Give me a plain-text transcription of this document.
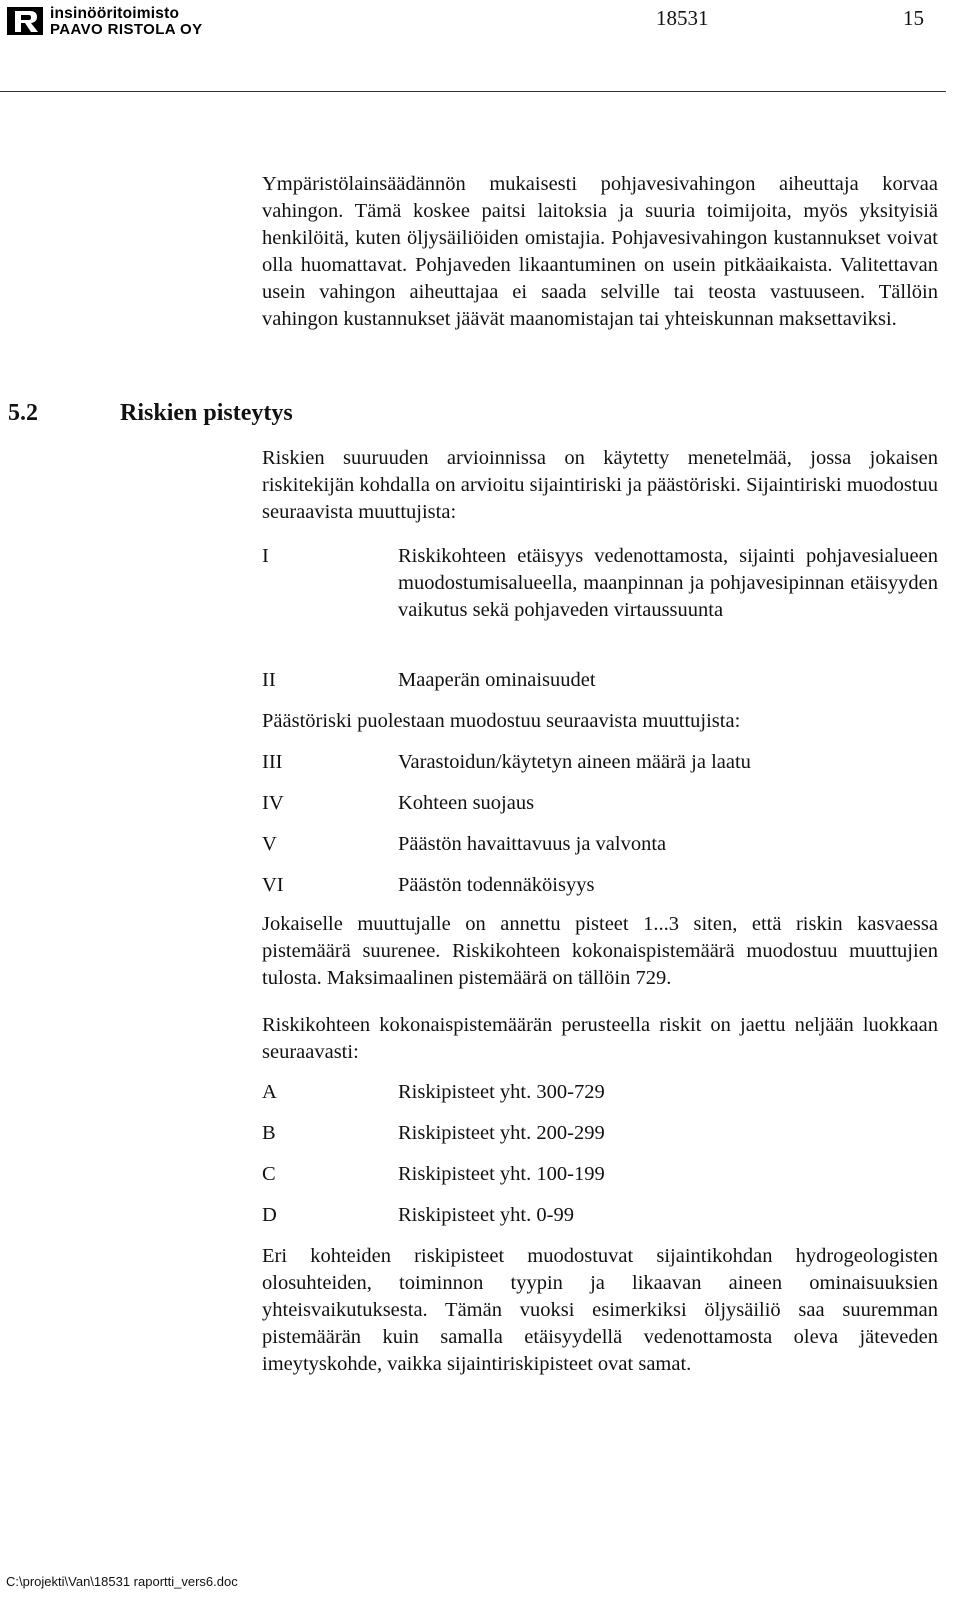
insinööritoimisto
PAAVO RISTOLA OY	18531	15

Ympäristölainsäädännön mukaisesti pohjavesivahingon aiheuttaja korvaa vahingon. Tämä koskee paitsi laitoksia ja suuria toimijoita, myös yksityisiä henkilöitä, kuten öljysäiliöiden omistajia. Pohjavesivahingon kustannukset voivat olla huomattavat. Pohjaveden likaantuminen on usein pitkäaikaista. Valitettavan usein vahingon aiheuttajaa ei saada selville tai teosta vastuuseen. Tällöin vahingon kustannukset jäävät maanomistajan tai yhteiskunnan maksettaviksi.

5.2	Riskien pisteytys

Riskien suuruuden arvioinnissa on käytetty menetelmää, jossa jokaisen riskitekijän kohdalla on arvioitu sijaintiriski ja päästöriski. Sijaintiriski muodostuu seuraavista muuttujista:

I	Riskikohteen etäisyys vedenottamosta, sijainti pohjavesialueen muodostumisalueella, maanpinnan ja pohjavesipinnan etäisyyden vaikutus sekä pohjaveden virtaussuunta
II	Maaperän ominaisuudet

Päästöriski puolestaan muodostuu seuraavista muuttujista:

III	Varastoidun/käytetyn aineen määrä ja laatu
IV	Kohteen suojaus
V	Päästön havaittavuus ja valvonta
VI	Päästön todennäköisyys

Jokaiselle muuttujalle on annettu pisteet 1...3 siten, että riskin kasvaessa pistemäärä suurenee. Riskikohteen kokonaispistemäärä muodostuu muuttujien tulosta. Maksimaalinen pistemäärä on tällöin 729.

Riskikohteen kokonaispistemäärän perusteella riskit on jaettu neljään luokkaan seuraavasti:

A	Riskipisteet yht. 300-729
B	Riskipisteet yht. 200-299
C	Riskipisteet yht. 100-199
D	Riskipisteet yht. 0-99

Eri kohteiden riskipisteet muodostuvat sijaintikohdan hydrogeologisten olosuhteiden, toiminnon tyypin ja likaavan aineen ominaisuuksien yhteisvaikutuksesta. Tämän vuoksi esimerkiksi öljysäiliö saa suuremman pistemäärän kuin samalla etäisyydellä vedenottamosta oleva jäteveden imeytyskohde, vaikka sijaintiriskipisteet ovat samat.

C:\projekti\Van\18531 raportti_vers6.doc
